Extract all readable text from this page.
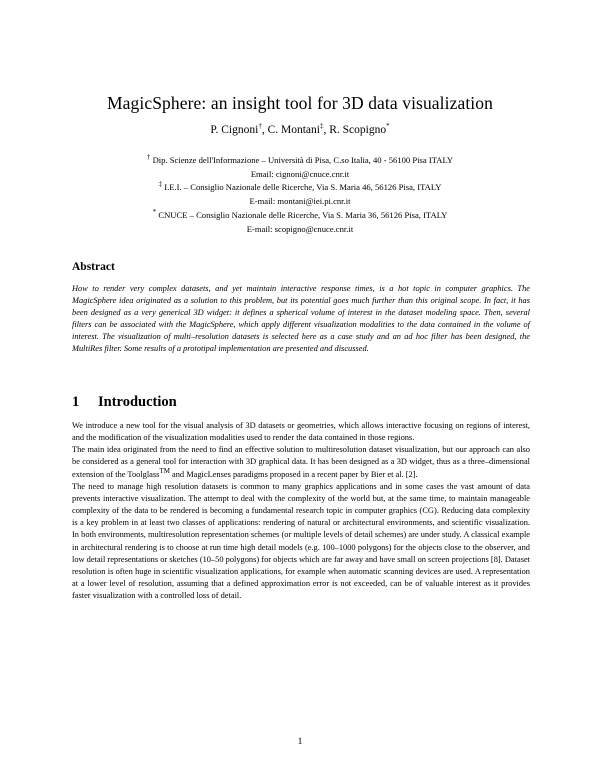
MagicSphere: an insight tool for 3D data visualization
P. Cignoni†, C. Montani‡, R. Scopigno*
† Dip. Scienze dell'Informazione – Università di Pisa, C.so Italia, 40 - 56100 Pisa ITALY
Email: cignoni@cnuce.cnr.it
‡ I.E.I. – Consiglio Nazionale delle Ricerche, Via S. Maria 46, 56126 Pisa, ITALY
E-mail: montani@iei.pi.cnr.it
* CNUCE – Consiglio Nazionale delle Ricerche, Via S. Maria 36, 56126 Pisa, ITALY
E-mail: scopigno@cnuce.cnr.it
Abstract
How to render very complex datasets, and yet maintain interactive response times, is a hot topic in computer graphics. The MagicSphere idea originated as a solution to this problem, but its potential goes much further than this original scope. In fact, it has been designed as a very generical 3D widget: it defines a spherical volume of interest in the dataset modeling space. Then, several filters can be associated with the MagicSphere, which apply different visualization modalities to the data contained in the volume of interest. The visualization of multi–resolution datasets is selected here as a case study and an ad hoc filter has been designed, the MultiRes filter. Some results of a prototipal implementation are presented and discussed.
1 Introduction

We introduce a new tool for the visual analysis of 3D datasets or geometries, which allows interactive focusing on regions of interest, and the modification of the visualization modalities used to render the data contained in those regions.

The main idea originated from the need to find an effective solution to multiresolution dataset visualization, but our approach can also be considered as a general tool for interaction with 3D graphical data. It has been designed as a 3D widget, thus as a three–dimensional extension of the Toolglass™ and MagicLenses paradigms proposed in a recent paper by Bier et al. [2].

The need to manage high resolution datasets is common to many graphics applications and in some cases the vast amount of data prevents interactive visualization. The attempt to deal with the complexity of the world but, at the same time, to maintain manageable complexity of the data to be rendered is becoming a fundamental research topic in computer graphics (CG). Reducing data complexity is a key problem in at least two classes of applications: rendering of natural or architectural environments, and scientific visualization. In both environments, multiresolution representation schemes (or multiple levels of detail schemes) are under study. A classical example in architectural rendering is to choose at run time high detail models (e.g. 100–1000 polygons) for the objects close to the observer, and low detail representations or sketches (10–50 polygons) for objects which are far away and have small on screen projections [8]. Dataset resolution is often huge in scientific visualization applications, for example when automatic scanning devices are used. A representation at a lower level of resolution, assuming that a defined approximation error is not exceeded, can be of valuable interest as it provides faster visualization with a controlled loss of detail.

1
